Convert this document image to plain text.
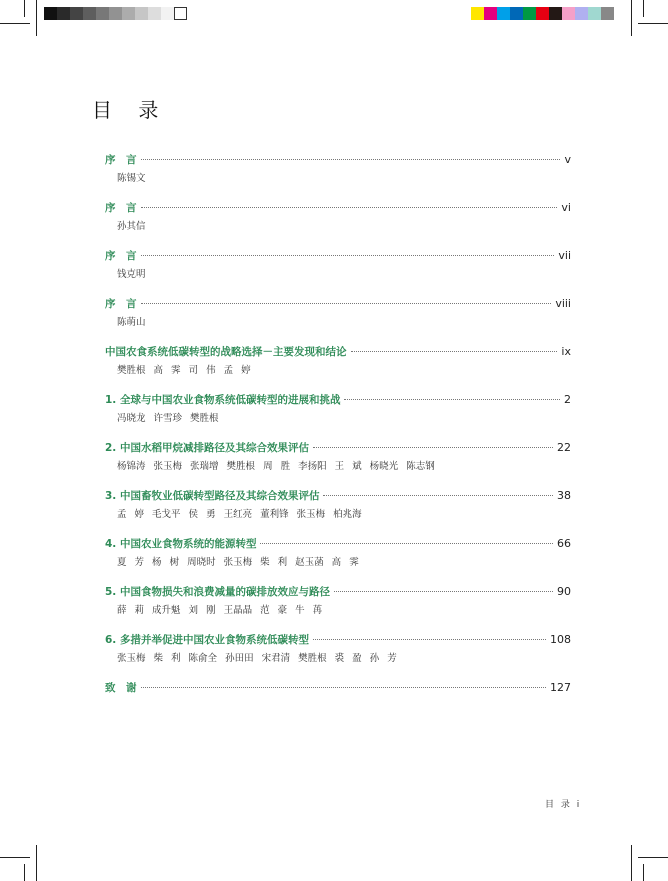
目 录
序　言	v
陈锡文
序　言	vi
孙其信
序　言	vii
钱克明
序　言	viii
陈萌山
中国农食系统低碳转型的战略选择－主要发现和结论	ix
樊胜根 高 霁 司 伟 孟 婷
1. 全球与中国农业食物系统低碳转型的进展和挑战	2
冯晓龙 许雪珍 樊胜根
2. 中国水稻甲烷减排路径及其综合效果评估	22
杨锦涛 张玉梅 张瑞增 樊胜根 周 胜 李扬阳 王 斌 杨晓光 陈志钢
3. 中国畜牧业低碳转型路径及其综合效果评估	38
孟 婷 毛戈平 侯 勇 王红亮 董利锋 张玉梅 柏兆海
4. 中国农业食物系统的能源转型	66
夏 芳 杨 树 周晓时 张玉梅 柴 利 赵玉菡 高 霁
5. 中国食物损失和浪费减量的碳排放效应与路径	90
薛 莉 成升魁 刘 刚 王晶晶 范 豪 牛 苒
6. 多措并举促进中国农业食物系统低碳转型	108
张玉梅 柴 利 陈俞全 孙田田 宋君清 樊胜根 裘 盈 孙 芳
致　谢	127
目 录 i
